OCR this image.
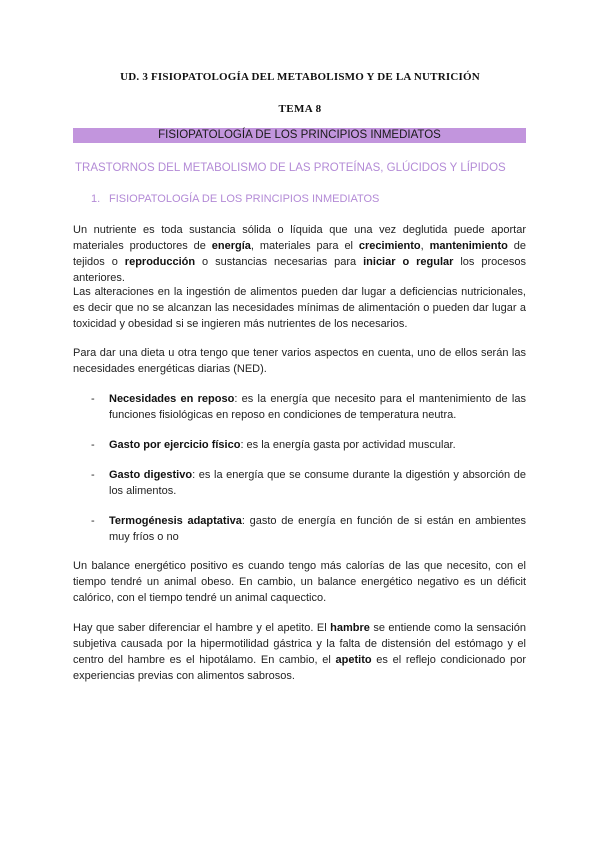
UD. 3 FISIOPATOLOGÍA DEL METABOLISMO Y DE LA NUTRICIÓN
TEMA 8
FISIOPATOLOGÍA DE LOS PRINCIPIOS INMEDIATOS
TRASTORNOS DEL METABOLISMO DE LAS PROTEÍNAS, GLÚCIDOS Y LÍPIDOS
1. FISIOPATOLOGÍA DE LOS PRINCIPIOS INMEDIATOS
Un nutriente es toda sustancia sólida o líquida que una vez deglutida puede aportar materiales productores de energía, materiales para el crecimiento, mantenimiento de tejidos o reproducción o sustancias necesarias para iniciar o regular los procesos anteriores.
Las alteraciones en la ingestión de alimentos pueden dar lugar a deficiencias nutricionales, es decir que no se alcanzan las necesidades mínimas de alimentación o pueden dar lugar a toxicidad y obesidad si se ingieren más nutrientes de los necesarios.
Para dar una dieta u otra tengo que tener varios aspectos en cuenta, uno de ellos serán las necesidades energéticas diarias (NED).
- Necesidades en reposo: es la energía que necesito para el mantenimiento de las funciones fisiológicas en reposo en condiciones de temperatura neutra.
- Gasto por ejercicio físico: es la energía gasta por actividad muscular.
- Gasto digestivo: es la energía que se consume durante la digestión y absorción de los alimentos.
- Termogénesis adaptativa: gasto de energía en función de si están en ambientes muy fríos o no
Un balance energético positivo es cuando tengo más calorías de las que necesito, con el tiempo tendré un animal obeso. En cambio, un balance energético negativo es un déficit calórico, con el tiempo tendré un animal caquectico.
Hay que saber diferenciar el hambre y el apetito. El hambre se entiende como la sensación subjetiva causada por la hipermotilidad gástrica y la falta de distensión del estómago y el centro del hambre es el hipotálamo. En cambio, el apetito es el reflejo condicionado por experiencias previas con alimentos sabrosos.
